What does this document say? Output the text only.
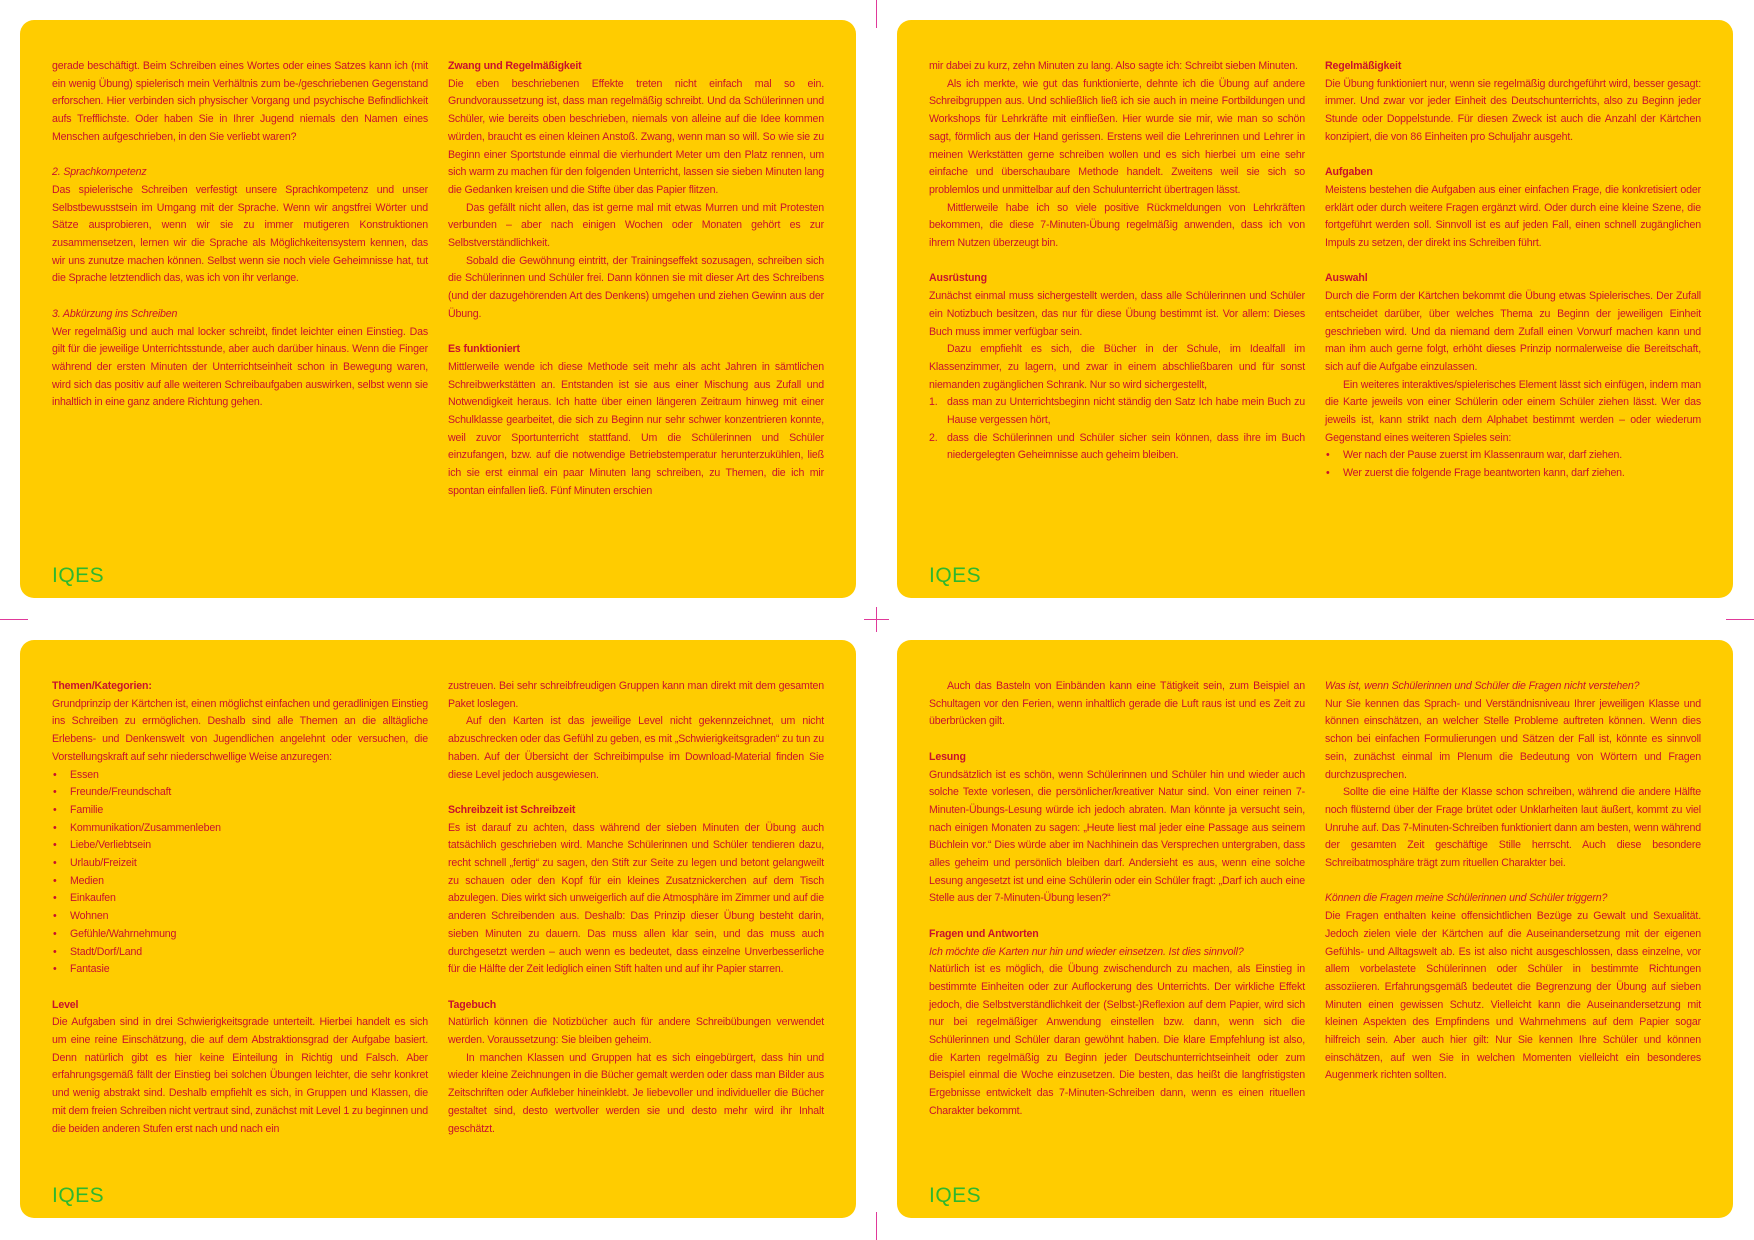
gerade beschäftigt. Beim Schreiben eines Wortes oder eines Satzes kann ich (mit ein wenig Übung) spielerisch mein Verhältnis zum be-/geschriebenen Gegenstand erforschen. Hier verbinden sich physischer Vorgang und psychische Befindlichkeit aufs Trefflichste. Oder haben Sie in Ihrer Jugend niemals den Namen eines Menschen aufgeschrieben, in den Sie verliebt waren?

2. Sprachkompetenz

Das spielerische Schreiben verfestigt unsere Sprachkompetenz und unser Selbstbewusstsein im Umgang mit der Sprache. Wenn wir angstfrei Wörter und Sätze ausprobieren, wenn wir sie zu immer mutigeren Konstruktionen zusammensetzen, lernen wir die Sprache als Möglichkeitensystem kennen, das wir uns zunutze machen können. Selbst wenn sie noch viele Geheimnisse hat, tut die Sprache letztendlich das, was ich von ihr verlange.

3. Abkürzung ins Schreiben

Wer regelmäßig und auch mal locker schreibt, findet leichter einen Einstieg. Das gilt für die jeweilige Unterrichtsstunde, aber auch darüber hinaus. Wenn die Finger während der ersten Minuten der Unterrichtseinheit schon in Bewegung waren, wird sich das positiv auf alle weiteren Schreibaufgaben auswirken, selbst wenn sie inhaltlich in eine ganz andere Richtung gehen.

Zwang und Regelmäßigkeit

Die eben beschriebenen Effekte treten nicht einfach mal so ein. Grundvoraussetzung ist, dass man regelmäßig schreibt. Und da Schülerinnen und Schüler, wie bereits oben beschrieben, niemals von alleine auf die Idee kommen würden, braucht es einen kleinen Anstoß. Zwang, wenn man so will. So wie sie zu Beginn einer Sportstunde einmal die vierhundert Meter um den Platz rennen, um sich warm zu machen für den folgenden Unterricht, lassen sie sieben Minuten lang die Gedanken kreisen und die Stifte über das Papier flitzen.

Das gefällt nicht allen, das ist gerne mal mit etwas Murren und mit Protesten verbunden – aber nach einigen Wochen oder Monaten gehört es zur Selbstverständlichkeit.

Sobald die Gewöhnung eintritt, der Trainingseffekt sozusagen, schreiben sich die Schülerinnen und Schüler frei. Dann können sie mit dieser Art des Schreibens (und der dazugehörenden Art des Denkens) umgehen und ziehen Gewinn aus der Übung.

Es funktioniert

Mittlerweile wende ich diese Methode seit mehr als acht Jahren in sämtlichen Schreibwerkstätten an. Entstanden ist sie aus einer Mischung aus Zufall und Notwendigkeit heraus. Ich hatte über einen längeren Zeitraum hinweg mit einer Schulklasse gearbeitet, die sich zu Beginn nur sehr schwer konzentrieren konnte, weil zuvor Sportunterricht stattfand. Um die Schülerinnen und Schüler einzufangen, bzw. auf die notwendige Betriebstemperatur herunterzukühlen, ließ ich sie erst einmal ein paar Minuten lang schreiben, zu Themen, die ich mir spontan einfallen ließ. Fünf Minuten erschien

IQES

mir dabei zu kurz, zehn Minuten zu lang. Also sagte ich: Schreibt sieben Minuten.

Als ich merkte, wie gut das funktionierte, dehnte ich die Übung auf andere Schreibgruppen aus. Und schließlich ließ ich sie auch in meine Fortbildungen und Workshops für Lehrkräfte mit einfließen. Hier wurde sie mir, wie man so schön sagt, förmlich aus der Hand gerissen. Erstens weil die Lehrerinnen und Lehrer in meinen Werkstätten gerne schreiben wollen und es sich hierbei um eine sehr einfache und überschaubare Methode handelt. Zweitens weil sie sich so problemlos und unmittelbar auf den Schulunterricht übertragen lässt.

Mittlerweile habe ich so viele positive Rückmeldungen von Lehrkräften bekommen, die diese 7-Minuten-Übung regelmäßig anwenden, dass ich von ihrem Nutzen überzeugt bin.

Ausrüstung

Zunächst einmal muss sichergestellt werden, dass alle Schülerinnen und Schüler ein Notizbuch besitzen, das nur für diese Übung bestimmt ist. Vor allem: Dieses Buch muss immer verfügbar sein.

Dazu empfiehlt es sich, die Bücher in der Schule, im Idealfall im Klassenzimmer, zu lagern, und zwar in einem abschließbaren und für sonst niemanden zugänglichen Schrank. Nur so wird sichergestellt,

dass man zu Unterrichtsbeginn nicht ständig den Satz Ich habe mein Buch zu Hause vergessen hört,
dass die Schülerinnen und Schüler sicher sein können, dass ihre im Buch niedergelegten Geheimnisse auch geheim bleiben.
Regelmäßigkeit

Die Übung funktioniert nur, wenn sie regelmäßig durchgeführt wird, besser gesagt: immer. Und zwar vor jeder Einheit des Deutschunterrichts, also zu Beginn jeder Stunde oder Doppelstunde. Für diesen Zweck ist auch die Anzahl der Kärtchen konzipiert, die von 86 Einheiten pro Schuljahr ausgeht.

Aufgaben

Meistens bestehen die Aufgaben aus einer einfachen Frage, die konkretisiert oder erklärt oder durch weitere Fragen ergänzt wird. Oder durch eine kleine Szene, die fortgeführt werden soll. Sinnvoll ist es auf jeden Fall, einen schnell zugänglichen Impuls zu setzen, der direkt ins Schreiben führt.

Auswahl

Durch die Form der Kärtchen bekommt die Übung etwas Spielerisches. Der Zufall entscheidet darüber, über welches Thema zu Beginn der jeweiligen Einheit geschrieben wird. Und da niemand dem Zufall einen Vorwurf machen kann und man ihm auch gerne folgt, erhöht dieses Prinzip normalerweise die Bereitschaft, sich auf die Aufgabe einzulassen.

Ein weiteres interaktives/spielerisches Element lässt sich einfügen, indem man die Karte jeweils von einer Schülerin oder einem Schüler ziehen lässt. Wer das jeweils ist, kann strikt nach dem Alphabet bestimmt werden – oder wiederum Gegenstand eines weiteren Spieles sein:

• Wer nach der Pause zuerst im Klassenraum war, darf ziehen.
• Wer zuerst die folgende Frage beantworten kann, darf ziehen.
IQES
Themen/Kategorien:

Grundprinzip der Kärtchen ist, einen möglichst einfachen und geradlinigen Einstieg ins Schreiben zu ermöglichen. Deshalb sind alle Themen an die alltägliche Erlebens- und Denkenswelt von Jugendlichen angelehnt oder versuchen, die Vorstellungskraft auf sehr niederschwellige Weise anzuregen:

• Essen
• Freunde/Freundschaft
• Familie
• Kommunikation/Zusammenleben
• Liebe/Verliebtsein
• Urlaub/Freizeit
• Medien
• Einkaufen
• Wohnen
• Gefühle/Wahrnehmung
• Stadt/Dorf/Land
• Fantasie
Level

Die Aufgaben sind in drei Schwierigkeitsgrade unterteilt. Hierbei handelt es sich um eine reine Einschätzung, die auf dem Abstraktionsgrad der Aufgabe basiert. Denn natürlich gibt es hier keine Einteilung in Richtig und Falsch. Aber erfahrungsgemäß fällt der Einstieg bei solchen Übungen leichter, die sehr konkret und wenig abstrakt sind. Deshalb empfiehlt es sich, in Gruppen und Klassen, die mit dem freien Schreiben nicht vertraut sind, zunächst mit Level 1 zu beginnen und die beiden anderen Stufen erst nach und nach ein

zustreuen. Bei sehr schreibfreudigen Gruppen kann man direkt mit dem gesamten Paket loslegen.

Auf den Karten ist das jeweilige Level nicht gekennzeichnet, um nicht abzuschrecken oder das Gefühl zu geben, es mit „Schwierigkeitsgraden“ zu tun zu haben. Auf der Übersicht der Schreibimpulse im Download-Material finden Sie diese Level jedoch ausgewiesen.

Schreibzeit ist Schreibzeit

Es ist darauf zu achten, dass während der sieben Minuten der Übung auch tatsächlich geschrieben wird. Manche Schülerinnen und Schüler tendieren dazu, recht schnell „fertig“ zu sagen, den Stift zur Seite zu legen und betont gelangweilt zu schauen oder den Kopf für ein kleines Zusatznickerchen auf dem Tisch abzulegen. Dies wirkt sich unweigerlich auf die Atmosphäre im Zimmer und auf die anderen Schreibenden aus. Deshalb: Das Prinzip dieser Übung besteht darin, sieben Minuten zu dauern. Das muss allen klar sein, und das muss auch durchgesetzt werden – auch wenn es bedeutet, dass einzelne Unverbesserliche für die Hälfte der Zeit lediglich einen Stift halten und auf ihr Papier starren.

Tagebuch

Natürlich können die Notizbücher auch für andere Schreibübungen verwendet werden. Voraussetzung: Sie bleiben geheim.

In manchen Klassen und Gruppen hat es sich eingebürgert, dass hin und wieder kleine Zeichnungen in die Bücher gemalt werden oder dass man Bilder aus Zeitschriften oder Aufkleber hineinklebt. Je liebevoller und individueller die Bücher gestaltet sind, desto wertvoller werden sie und desto mehr wird ihr Inhalt geschätzt.

IQES

Auch das Basteln von Einbänden kann eine Tätigkeit sein, zum Beispiel an Schultagen vor den Ferien, wenn inhaltlich gerade die Luft raus ist und es Zeit zu überbrücken gilt.

Lesung

Grundsätzlich ist es schön, wenn Schülerinnen und Schüler hin und wieder auch solche Texte vorlesen, die persönlicher/kreativer Natur sind. Von einer reinen 7-Minuten-Übungs-Lesung würde ich jedoch abraten. Man könnte ja versucht sein, nach einigen Monaten zu sagen: „Heute liest mal jeder eine Passage aus seinem Büchlein vor.“ Dies würde aber im Nachhinein das Versprechen untergraben, dass alles geheim und persönlich bleiben darf. Andersieht es aus, wenn eine solche Lesung angesetzt ist und eine Schülerin oder ein Schüler fragt: „Darf ich auch eine Stelle aus der 7-Minuten-Übung lesen?“

Fragen und Antworten

Ich möchte die Karten nur hin und wieder einsetzen. Ist dies sinnvoll?

Natürlich ist es möglich, die Übung zwischendurch zu machen, als Einstieg in bestimmte Einheiten oder zur Auflockerung des Unterrichts. Der wirkliche Effekt jedoch, die Selbstverständlichkeit der (Selbst-)Reflexion auf dem Papier, wird sich nur bei regelmäßiger Anwendung einstellen bzw. dann, wenn sich die Schülerinnen und Schüler daran gewöhnt haben. Die klare Empfehlung ist also, die Karten regelmäßig zu Beginn jeder Deutschunterrichtseinheit oder zum Beispiel einmal die Woche einzusetzen. Die besten, das heißt die langfristigsten Ergebnisse entwickelt das 7-Minuten-Schreiben dann, wenn es einen rituellen Charakter bekommt.

Was ist, wenn Schülerinnen und Schüler die Fragen nicht verstehen?

Nur Sie kennen das Sprach- und Verständnisniveau Ihrer jeweiligen Klasse und können einschätzen, an welcher Stelle Probleme auftreten können. Wenn dies schon bei einfachen Formulierungen und Sätzen der Fall ist, könnte es sinnvoll sein, zunächst einmal im Plenum die Bedeutung von Wörtern und Fragen durchzusprechen.

Sollte die eine Hälfte der Klasse schon schreiben, während die andere Hälfte noch flüsternd über der Frage brütet oder Unklarheiten laut äußert, kommt zu viel Unruhe auf. Das 7-Minuten-Schreiben funktioniert dann am besten, wenn während der gesamten Zeit geschäftige Stille herrscht. Auch diese besondere Schreibatmosphäre trägt zum rituellen Charakter bei.

Können die Fragen meine Schülerinnen und Schüler triggern?

Die Fragen enthalten keine offensichtlichen Bezüge zu Gewalt und Sexualität. Jedoch zielen viele der Kärtchen auf die Auseinandersetzung mit der eigenen Gefühls- und Alltagswelt ab. Es ist also nicht ausgeschlossen, dass einzelne, vor allem vorbelastete Schülerinnen oder Schüler in bestimmte Richtungen assoziieren. Erfahrungsgemäß bedeutet die Begrenzung der Übung auf sieben Minuten einen gewissen Schutz. Vielleicht kann die Auseinandersetzung mit kleinen Aspekten des Empfindens und Wahrnehmens auf dem Papier sogar hilfreich sein. Aber auch hier gilt: Nur Sie kennen Ihre Schüler und können einschätzen, auf wen Sie in welchen Momenten vielleicht ein besonderes Augenmerk richten sollten.

IQES
